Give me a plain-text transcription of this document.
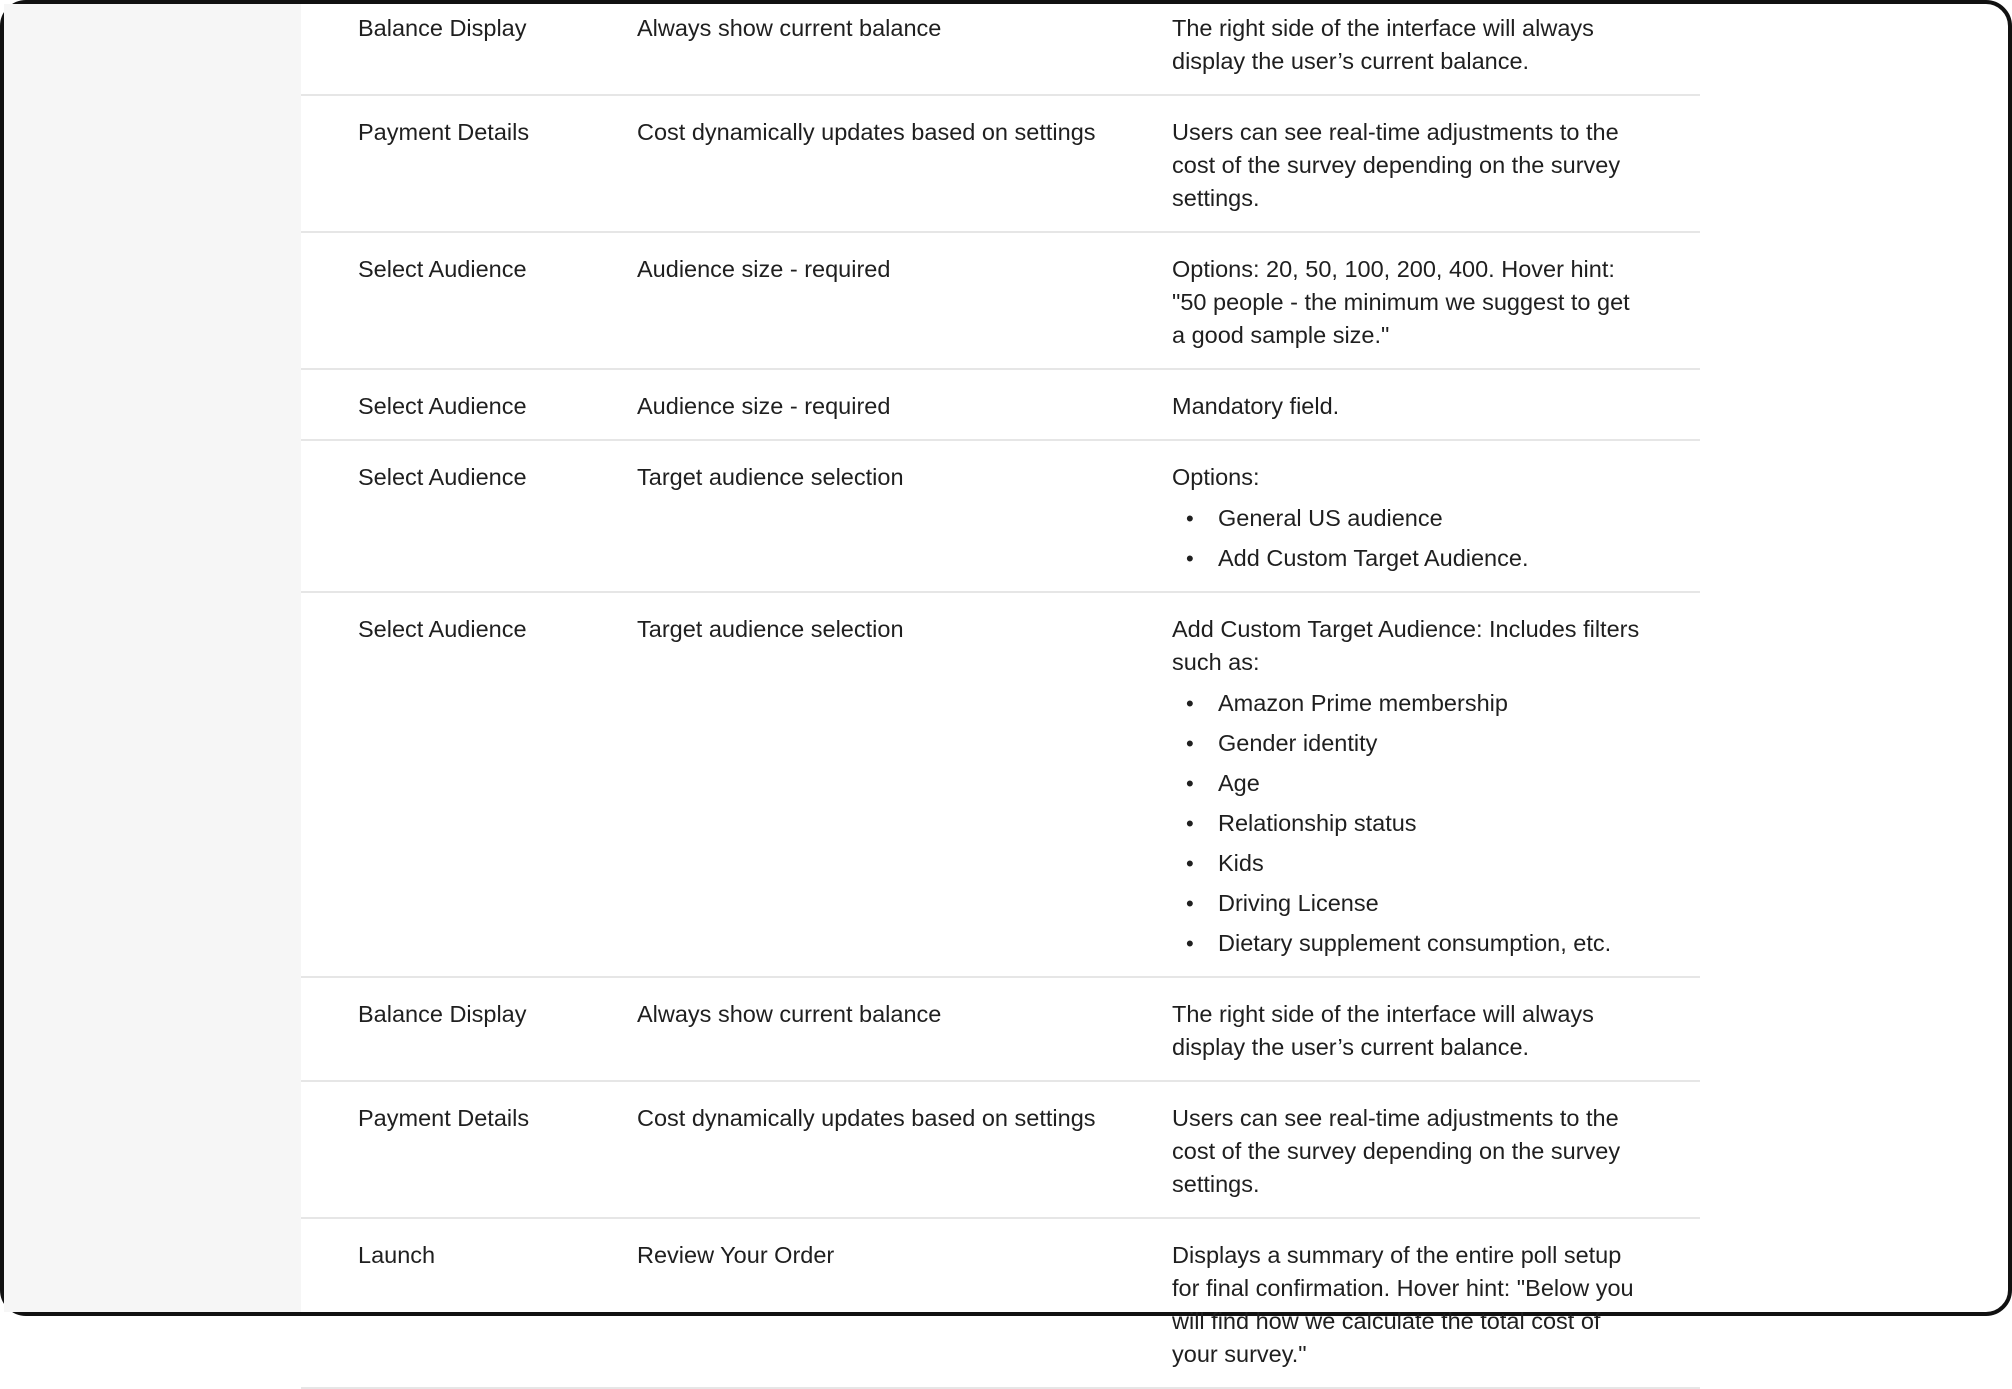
Balance Display	Always show current balance	The right side of the interface will always display the user’s current balance.
Payment Details	Cost dynamically updates based on settings	Users can see real-time adjustments to the cost of the survey depending on the survey settings.
Select Audience	Audience size - required	Options: 20, 50, 100, 200, 400. Hover hint: "50 people - the minimum we suggest to get a good sample size."
Select Audience	Audience size - required	Mandatory field.
Select Audience	Target audience selection	Options:
• General US audience
• Add Custom Target Audience.
Select Audience	Target audience selection	Add Custom Target Audience: Includes filters such as:
• Amazon Prime membership
• Gender identity
• Age
• Relationship status
• Kids
• Driving License
• Dietary supplement consumption, etc.
Balance Display	Always show current balance	The right side of the interface will always display the user’s current balance.
Payment Details	Cost dynamically updates based on settings	Users can see real-time adjustments to the cost of the survey depending on the survey settings.
Launch	Review Your Order	Displays a summary of the entire poll setup for final confirmation. Hover hint: "Below you will find how we calculate the total cost of your survey."
